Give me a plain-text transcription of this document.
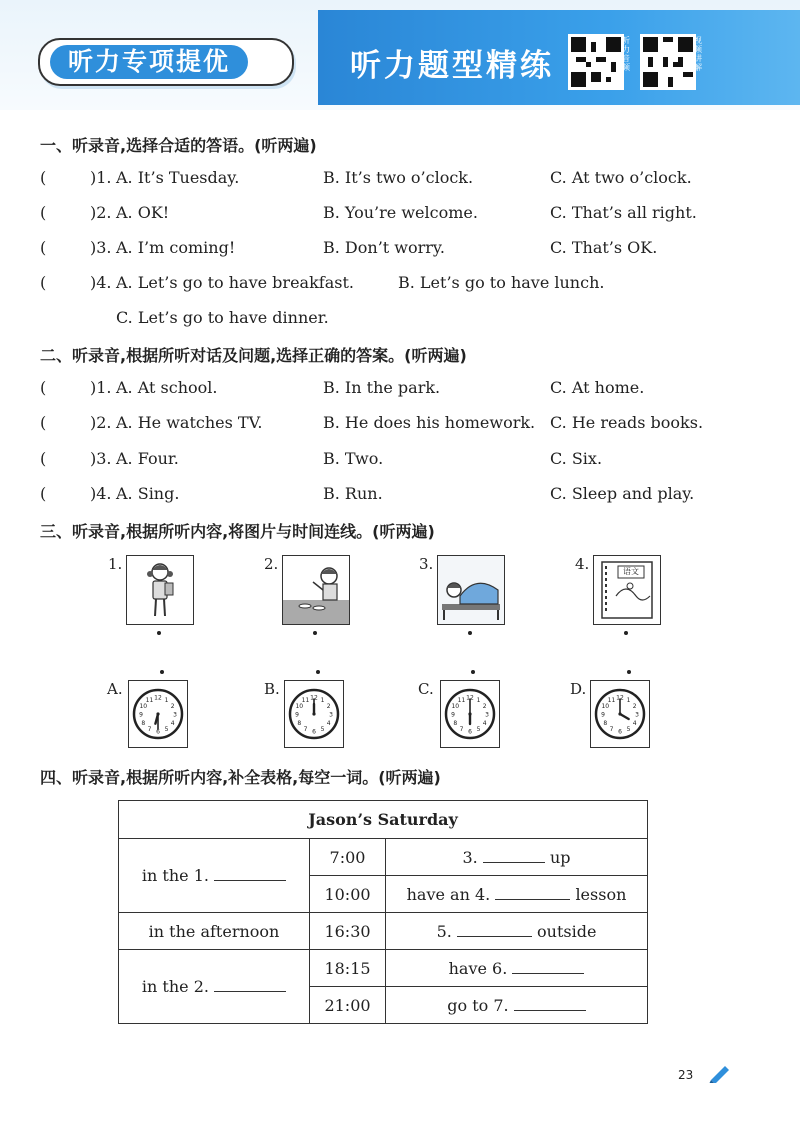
听力专项提优	听力题型精练
听力音频
视频讲解
一、听录音,选择合适的答语。(听两遍)
(	)1. A. It’s Tuesday.	B. It’s two o’clock.	C. At two o’clock.
(	)2. A. OK!	B. You’re welcome.	C. That’s all right.
(	)3. A. I’m coming!	B. Don’t worry.	C. That’s OK.
(	)4. A. Let’s go to have breakfast.	B. Let’s go to have lunch.
C. Let’s go to have dinner.
二、听录音,根据所听对话及问题,选择正确的答案。(听两遍)
(	)1. A. At school.	B. In the park.	C. At home.
(	)2. A. He watches TV.	B. He does his homework. C. He reads books.
(	)3. A. Four.	B. Two.	C. Six.
(	)4. A. Sing.	B. Run.	C. Sleep and play.
三、听录音,根据所听内容,将图片与时间连线。(听两遍)
1.	2.	3.	4.	语文
A.
1
2
3
4
5
6
7
8
9
10
11 12	B.
1
2
3
4
5
6
7
8
9
10
11 12	C.
1
2
3
4
5
6
7
8
9
10
11 12	D.
1
2
3
4
5
6
7
8
9
10
11 12
四、听录音,根据所听内容,补全表格,每空一词。(听两遍)
Jason’s Saturday		
in the 1.	7:00	3. up
	10:00	have an 4. lesson
in the afternoon	16:30	5. outside
in the 2.	18:15	have 6.
	21:00	go to 7.
23
